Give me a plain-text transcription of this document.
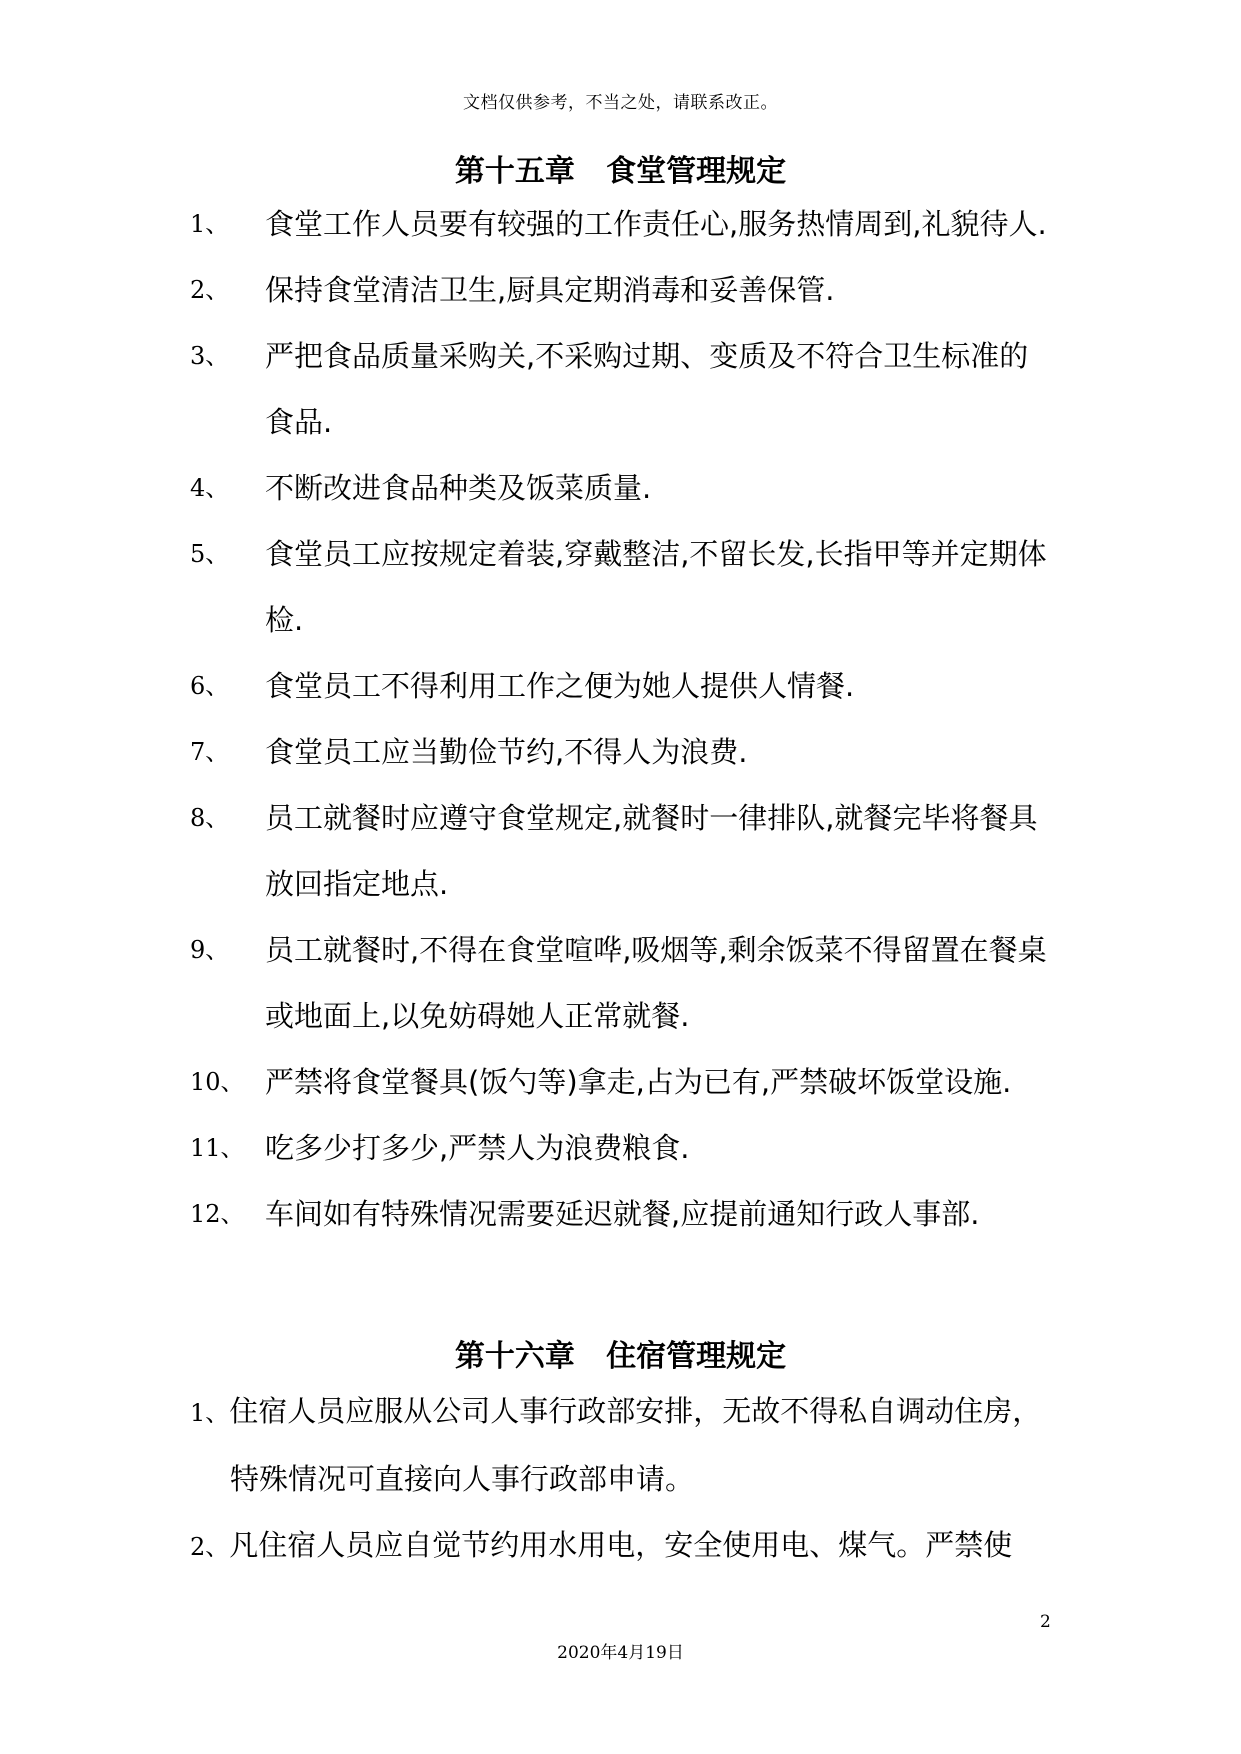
文档仅供参考，不当之处，请联系改正。
第十五章   食堂管理规定
1、	食堂工作人员要有较强的工作责任心,服务热情周到,礼貌待人.
2、	保持食堂清洁卫生,厨具定期消毒和妥善保管.
3、	严把食品质量采购关,不采购过期、变质及不符合卫生标准的食品.
4、	不断改进食品种类及饭菜质量.
5、	食堂员工应按规定着装,穿戴整洁,不留长发,长指甲等并定期体检.
6、	食堂员工不得利用工作之便为她人提供人情餐.
7、	食堂员工应当勤俭节约,不得人为浪费.
8、	员工就餐时应遵守食堂规定,就餐时一律排队,就餐完毕将餐具放回指定地点.
9、	员工就餐时,不得在食堂喧哗,吸烟等,剩余饭菜不得留置在餐桌或地面上,以免妨碍她人正常就餐.
10、 严禁将食堂餐具(饭勺等)拿走,占为已有,严禁破坏饭堂设施.
11、 吃多少打多少,严禁人为浪费粮食.
12、 车间如有特殊情况需要延迟就餐,应提前通知行政人事部.
第十六章   住宿管理规定
1、住宿人员应服从公司人事行政部安排，无故不得私自调动住房，特殊情况可直接向人事行政部申请。
2、凡住宿人员应自觉节约用水用电，安全使用电、煤气。严禁使
2
2020年4月19日
